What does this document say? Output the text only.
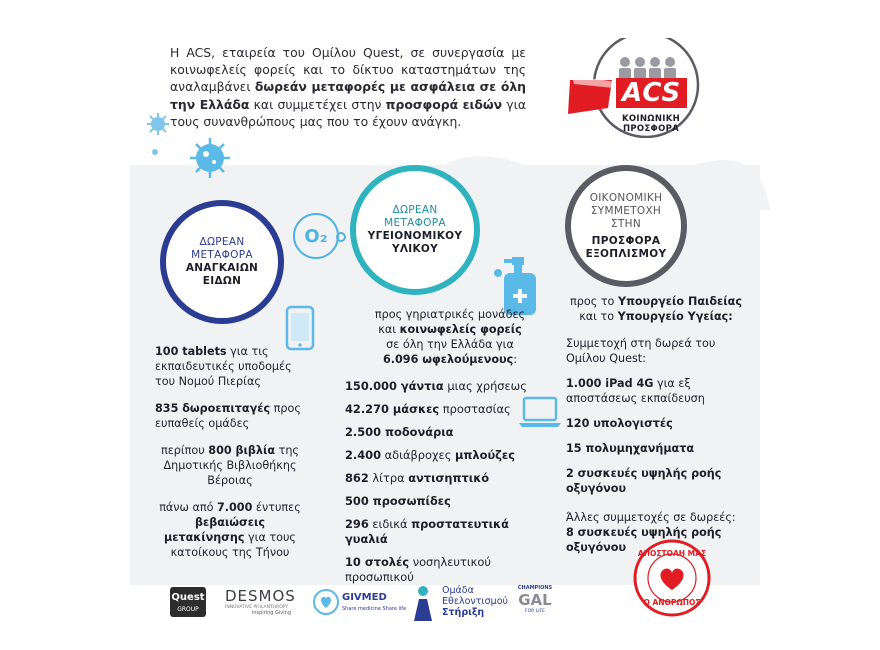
Η ACS, εταιρεία του Ομίλου Quest, σε συνεργασία με κοινωφελείς φορείς και το δίκτυο καταστημάτων της αναλαμβάνει δωρεάν μεταφορές με ασφάλεια σε όλη την Ελλάδα και συμμετέχει στην προσφορά ειδών για τους συνανθρώπους μας που το έχουν ανάγκη.
ACS
ΚΟΙΝΩΝΙΚΗ ΠΡΟΣΦΟΡΑ
O₂
ΔΩΡΕΑΝ
ΜΕΤΑΦΟΡΑ
ΑΝΑΓΚΑΙΩΝ
ΕΙΔΩΝ
ΔΩΡΕΑΝ
ΜΕΤΑΦΟΡΑ
ΥΓΕΙΟΝΟΜΙΚΟΥ
ΥΛΙΚΟΥ
ΟΙΚΟΝΟΜΙΚΗ
ΣΥΜΜΕΤΟΧΗ
ΣΤΗΝ
ΠΡΟΣΦΟΡΑ
ΕΞΟΠΛΙΣΜΟΥ
100 tablets για τις εκπαιδευτικές υποδομές του Νομού Πιερίας
835 δωροεπιταγές προς ευπαθείς ομάδες
περίπου 800 βιβλία της Δημοτικής Βιβλιοθήκης Βέροιας
πάνω από 7.000 έντυπες βεβαιώσεις μετακίνησης για τους κατοίκους της Τήνου
προς γηριατρικές μονάδες
και κοινωφελείς φορείς
σε όλη την Ελλάδα για
6.096 ωφελούμενους:
150.000 γάντια μιας χρήσεως
42.270 μάσκες προστασίας
2.500 ποδονάρια
2.400 αδιάβροχες μπλούζες
862 λίτρα αντισηπτικό
500 προσωπίδες
296 ειδικά προστατευτικά γυαλιά
10 στολές νοσηλευτικού προσωπικού
προς το Υπουργείο Παιδείας
και το Υπουργείο Υγείας:
Συμμετοχή στη δωρεά του Ομίλου Quest:
1.000 iPad 4G για εξ αποστάσεως εκπαίδευση
120 υπολογιστές
15 πολυμηχανήματα
2 συσκευές υψηλής ροής οξυγόνου
Άλλες συμμετοχές σε δωρεές:
8 συσκευές υψηλής ροής οξυγόνου	ΑΠΟΣΤΟΛΗ ΜΑΣ
Ο ΑΝΘΡΩΠΟΣ
Quest
GROUP
DESMOS
INNOVATIVE PHILANTHROPY
inspiring Giving
GIVMED
Share medicine Share life
Ομάδα
Εθελοντισμού
Στήριξη
CHAMPIONS
GAL
FOR LIFE
